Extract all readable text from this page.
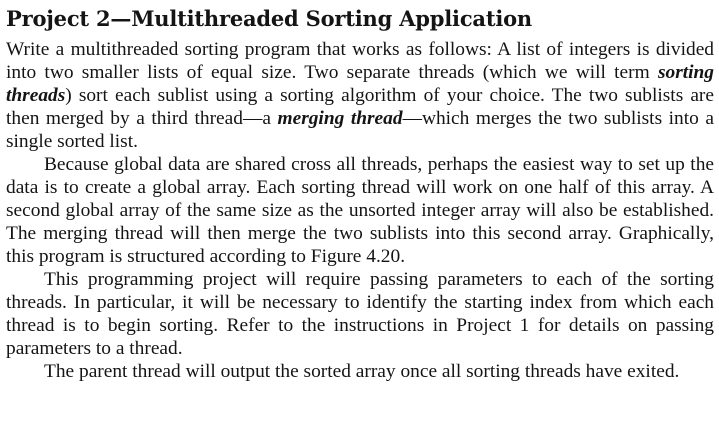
Project 2—Multithreaded Sorting Application

Write a multithreaded sorting program that works as follows: A list of integers is divided into two smaller lists of equal size. Two separate threads (which we will term sorting threads) sort each sublist using a sorting algorithm of your choice. The two sublists are then merged by a third thread—a merging thread—which merges the two sublists into a single sorted list.

Because global data are shared cross all threads, perhaps the easiest way to set up the data is to create a global array. Each sorting thread will work on one half of this array. A second global array of the same size as the unsorted integer array will also be established. The merging thread will then merge the two sublists into this second array. Graphically, this program is structured according to Figure 4.20.

This programming project will require passing parameters to each of the sorting threads. In particular, it will be necessary to identify the starting index from which each thread is to begin sorting. Refer to the instructions in Project 1 for details on passing parameters to a thread.

The parent thread will output the sorted array once all sorting threads have exited.
